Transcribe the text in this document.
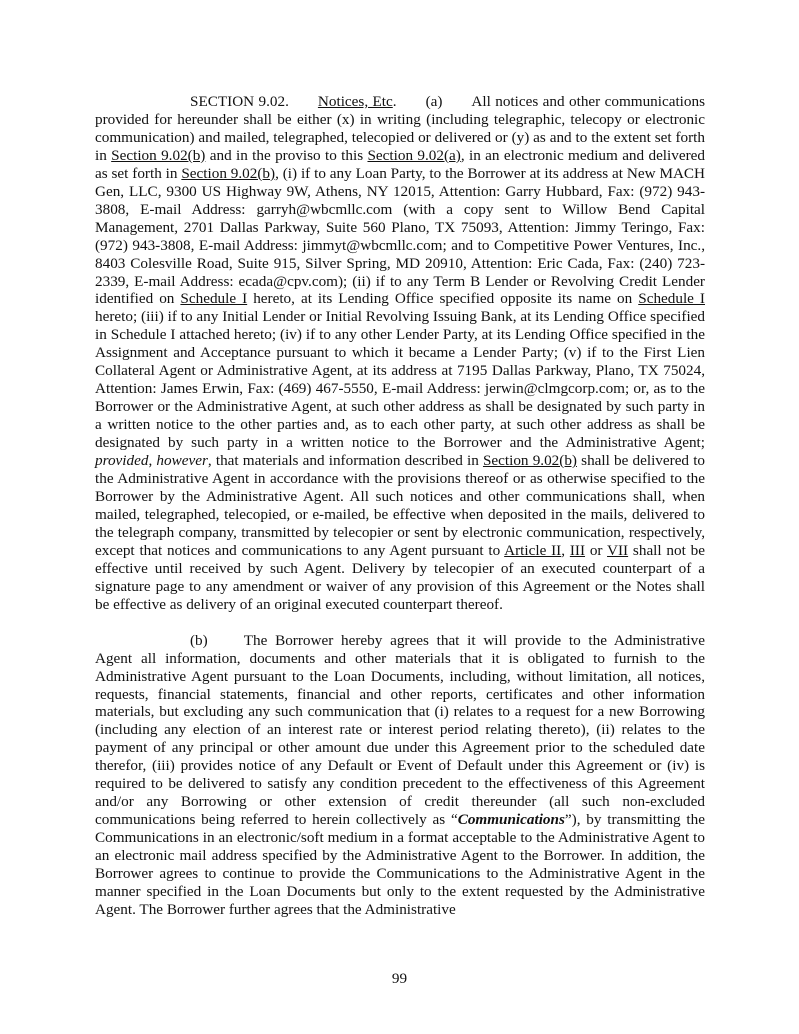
SECTION 9.02. Notices, Etc. (a) All notices and other communications provided for hereunder shall be either (x) in writing (including telegraphic, telecopy or electronic communication) and mailed, telegraphed, telecopied or delivered or (y) as and to the extent set forth in Section 9.02(b) and in the proviso to this Section 9.02(a), in an electronic medium and delivered as set forth in Section 9.02(b), (i) if to any Loan Party, to the Borrower at its address at New MACH Gen, LLC, 9300 US Highway 9W, Athens, NY 12015, Attention: Garry Hubbard, Fax: (972) 943-3808, E-mail Address: garryh@wbcmllc.com (with a copy sent to Willow Bend Capital Management, 2701 Dallas Parkway, Suite 560 Plano, TX 75093, Attention: Jimmy Teringo, Fax: (972) 943-3808, E-mail Address: jimmyt@wbcmllc.com; and to Competitive Power Ventures, Inc., 8403 Colesville Road, Suite 915, Silver Spring, MD 20910, Attention: Eric Cada, Fax: (240) 723-2339, E-mail Address: ecada@cpv.com); (ii) if to any Term B Lender or Revolving Credit Lender identified on Schedule I hereto, at its Lending Office specified opposite its name on Schedule I hereto; (iii) if to any Initial Lender or Initial Revolving Issuing Bank, at its Lending Office specified in Schedule I attached hereto; (iv) if to any other Lender Party, at its Lending Office specified in the Assignment and Acceptance pursuant to which it became a Lender Party; (v) if to the First Lien Collateral Agent or Administrative Agent, at its address at 7195 Dallas Parkway, Plano, TX 75024, Attention: James Erwin, Fax: (469) 467-5550, E-mail Address: jerwin@clmgcorp.com; or, as to the Borrower or the Administrative Agent, at such other address as shall be designated by such party in a written notice to the other parties and, as to each other party, at such other address as shall be designated by such party in a written notice to the Borrower and the Administrative Agent; provided, however, that materials and information described in Section 9.02(b) shall be delivered to the Administrative Agent in accordance with the provisions thereof or as otherwise specified to the Borrower by the Administrative Agent. All such notices and other communications shall, when mailed, telegraphed, telecopied, or e-mailed, be effective when deposited in the mails, delivered to the telegraph company, transmitted by telecopier or sent by electronic communication, respectively, except that notices and communications to any Agent pursuant to Article II, III or VII shall not be effective until received by such Agent. Delivery by telecopier of an executed counterpart of a signature page to any amendment or waiver of any provision of this Agreement or the Notes shall be effective as delivery of an original executed counterpart thereof.

(b) The Borrower hereby agrees that it will provide to the Administrative Agent all information, documents and other materials that it is obligated to furnish to the Administrative Agent pursuant to the Loan Documents, including, without limitation, all notices, requests, financial statements, financial and other reports, certificates and other information materials, but excluding any such communication that (i) relates to a request for a new Borrowing (including any election of an interest rate or interest period relating thereto), (ii) relates to the payment of any principal or other amount due under this Agreement prior to the scheduled date therefor, (iii) provides notice of any Default or Event of Default under this Agreement or (iv) is required to be delivered to satisfy any condition precedent to the effectiveness of this Agreement and/or any Borrowing or other extension of credit thereunder (all such non-excluded communications being referred to herein collectively as “Communications”), by transmitting the Communications in an electronic/soft medium in a format acceptable to the Administrative Agent to an electronic mail address specified by the Administrative Agent to the Borrower. In addition, the Borrower agrees to continue to provide the Communications to the Administrative Agent in the manner specified in the Loan Documents but only to the extent requested by the Administrative Agent. The Borrower further agrees that the Administrative

99
